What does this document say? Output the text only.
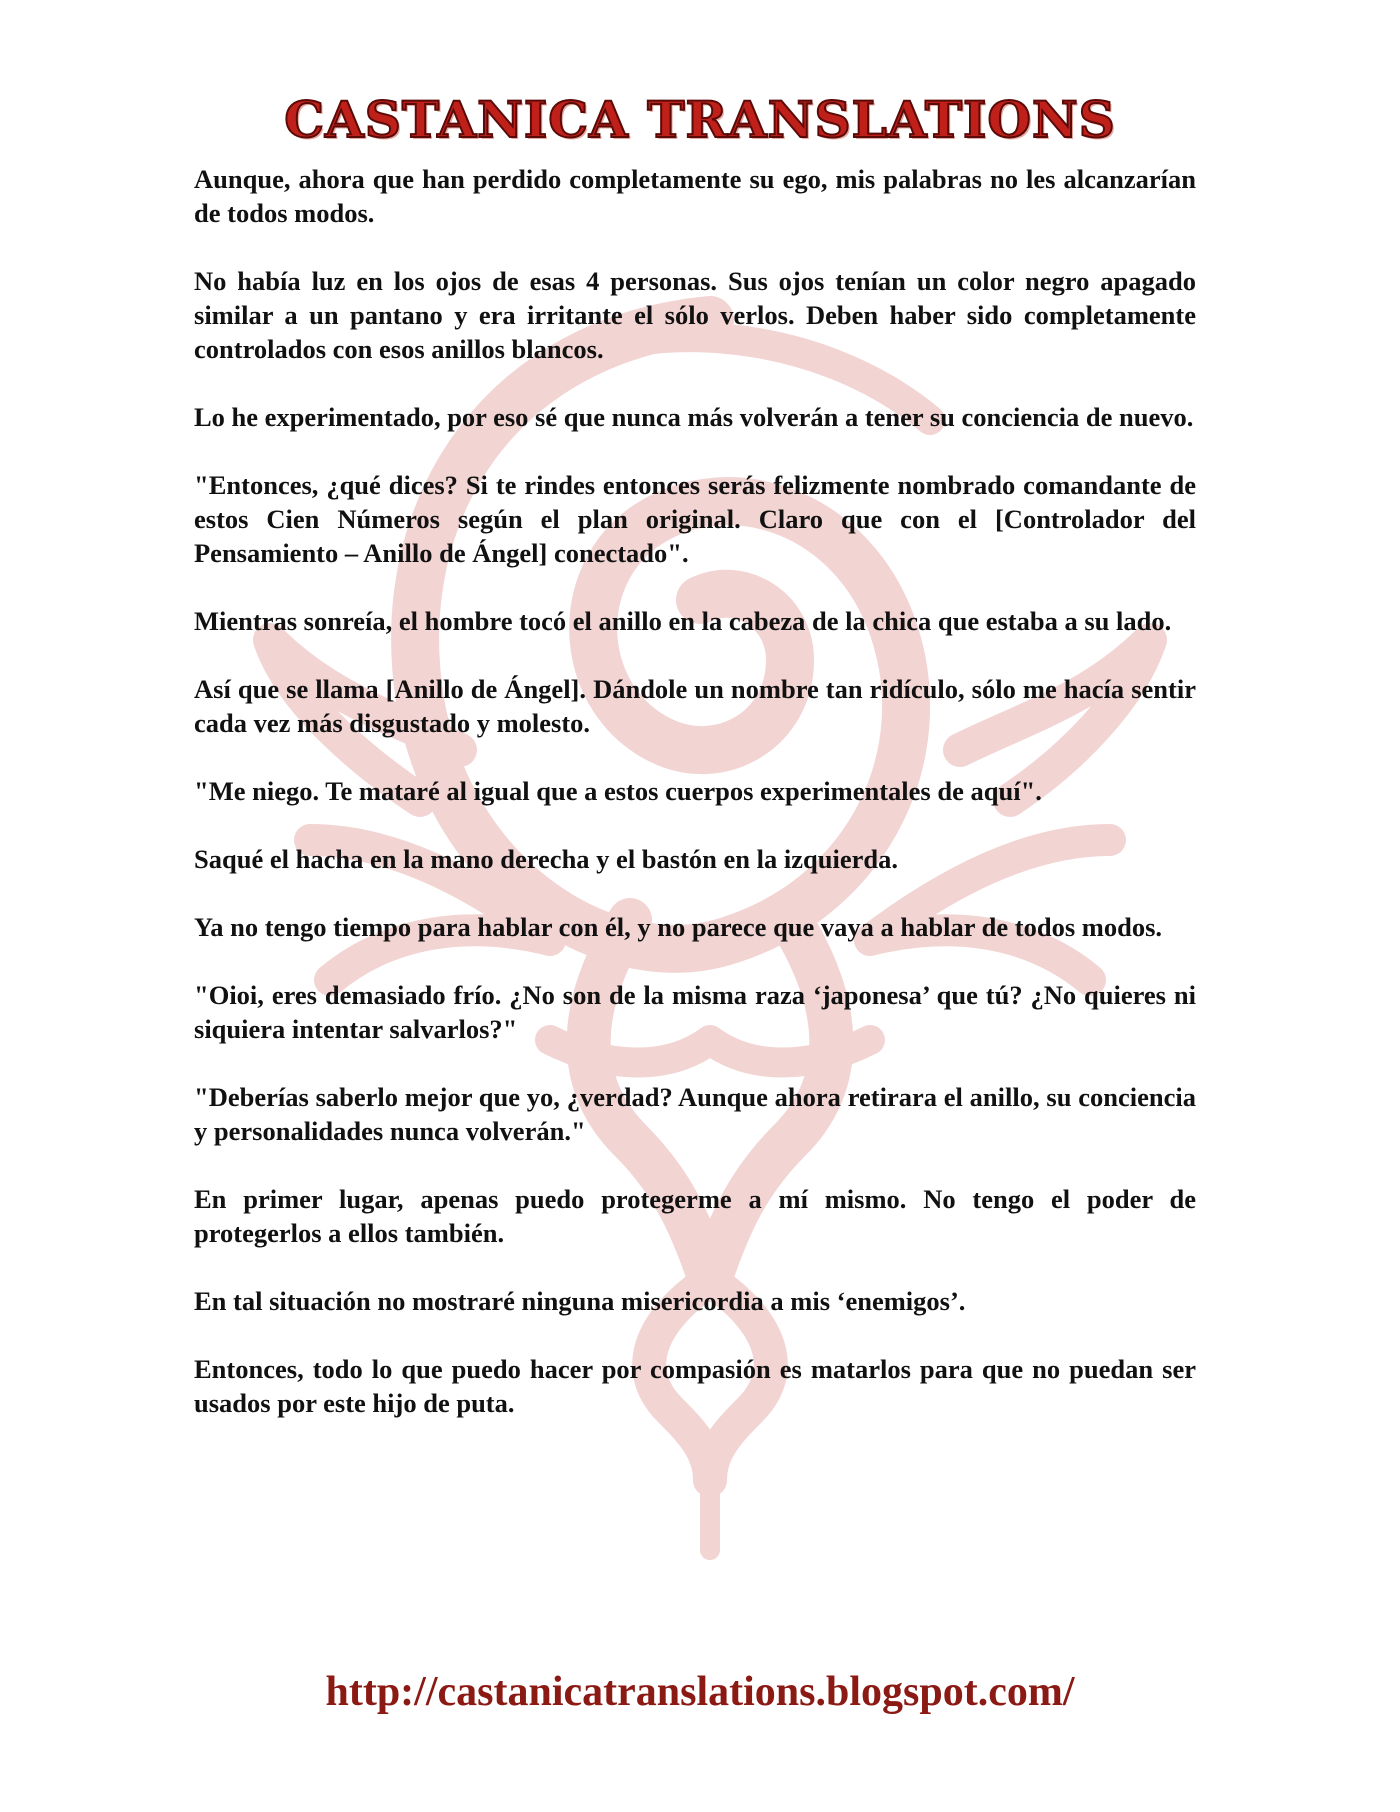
CASTANICA TRANSLATIONS

Aunque, ahora que han perdido completamente su ego, mis palabras no les alcanzarían de todos modos.

No había luz en los ojos de esas 4 personas. Sus ojos tenían un color negro apagado similar a un pantano y era irritante el sólo verlos. Deben haber sido completamente controlados con esos anillos blancos.

Lo he experimentado, por eso sé que nunca más volverán a tener su conciencia de nuevo.

"Entonces, ¿qué dices? Si te rindes entonces serás felizmente nombrado comandante de estos Cien Números según el plan original. Claro que con el [Controlador del Pensamiento – Anillo de Ángel] conectado".

Mientras sonreía, el hombre tocó el anillo en la cabeza de la chica que estaba a su lado.

Así que se llama [Anillo de Ángel]. Dándole un nombre tan ridículo, sólo me hacía sentir cada vez más disgustado y molesto.

"Me niego. Te mataré al igual que a estos cuerpos experimentales de aquí".

Saqué el hacha en la mano derecha y el bastón en la izquierda.

Ya no tengo tiempo para hablar con él, y no parece que vaya a hablar de todos modos.

"Oioi, eres demasiado frío. ¿No son de la misma raza ‘japonesa’ que tú? ¿No quieres ni siquiera intentar salvarlos?"

"Deberías saberlo mejor que yo, ¿verdad? Aunque ahora retirara el anillo, su conciencia y personalidades nunca volverán."

En primer lugar, apenas puedo protegerme a mí mismo. No tengo el poder de protegerlos a ellos también.

En tal situación no mostraré ninguna misericordia a mis ‘enemigos’.

Entonces, todo lo que puedo hacer por compasión es matarlos para que no puedan ser usados por este hijo de puta.

http://castanicatranslations.blogspot.com/
